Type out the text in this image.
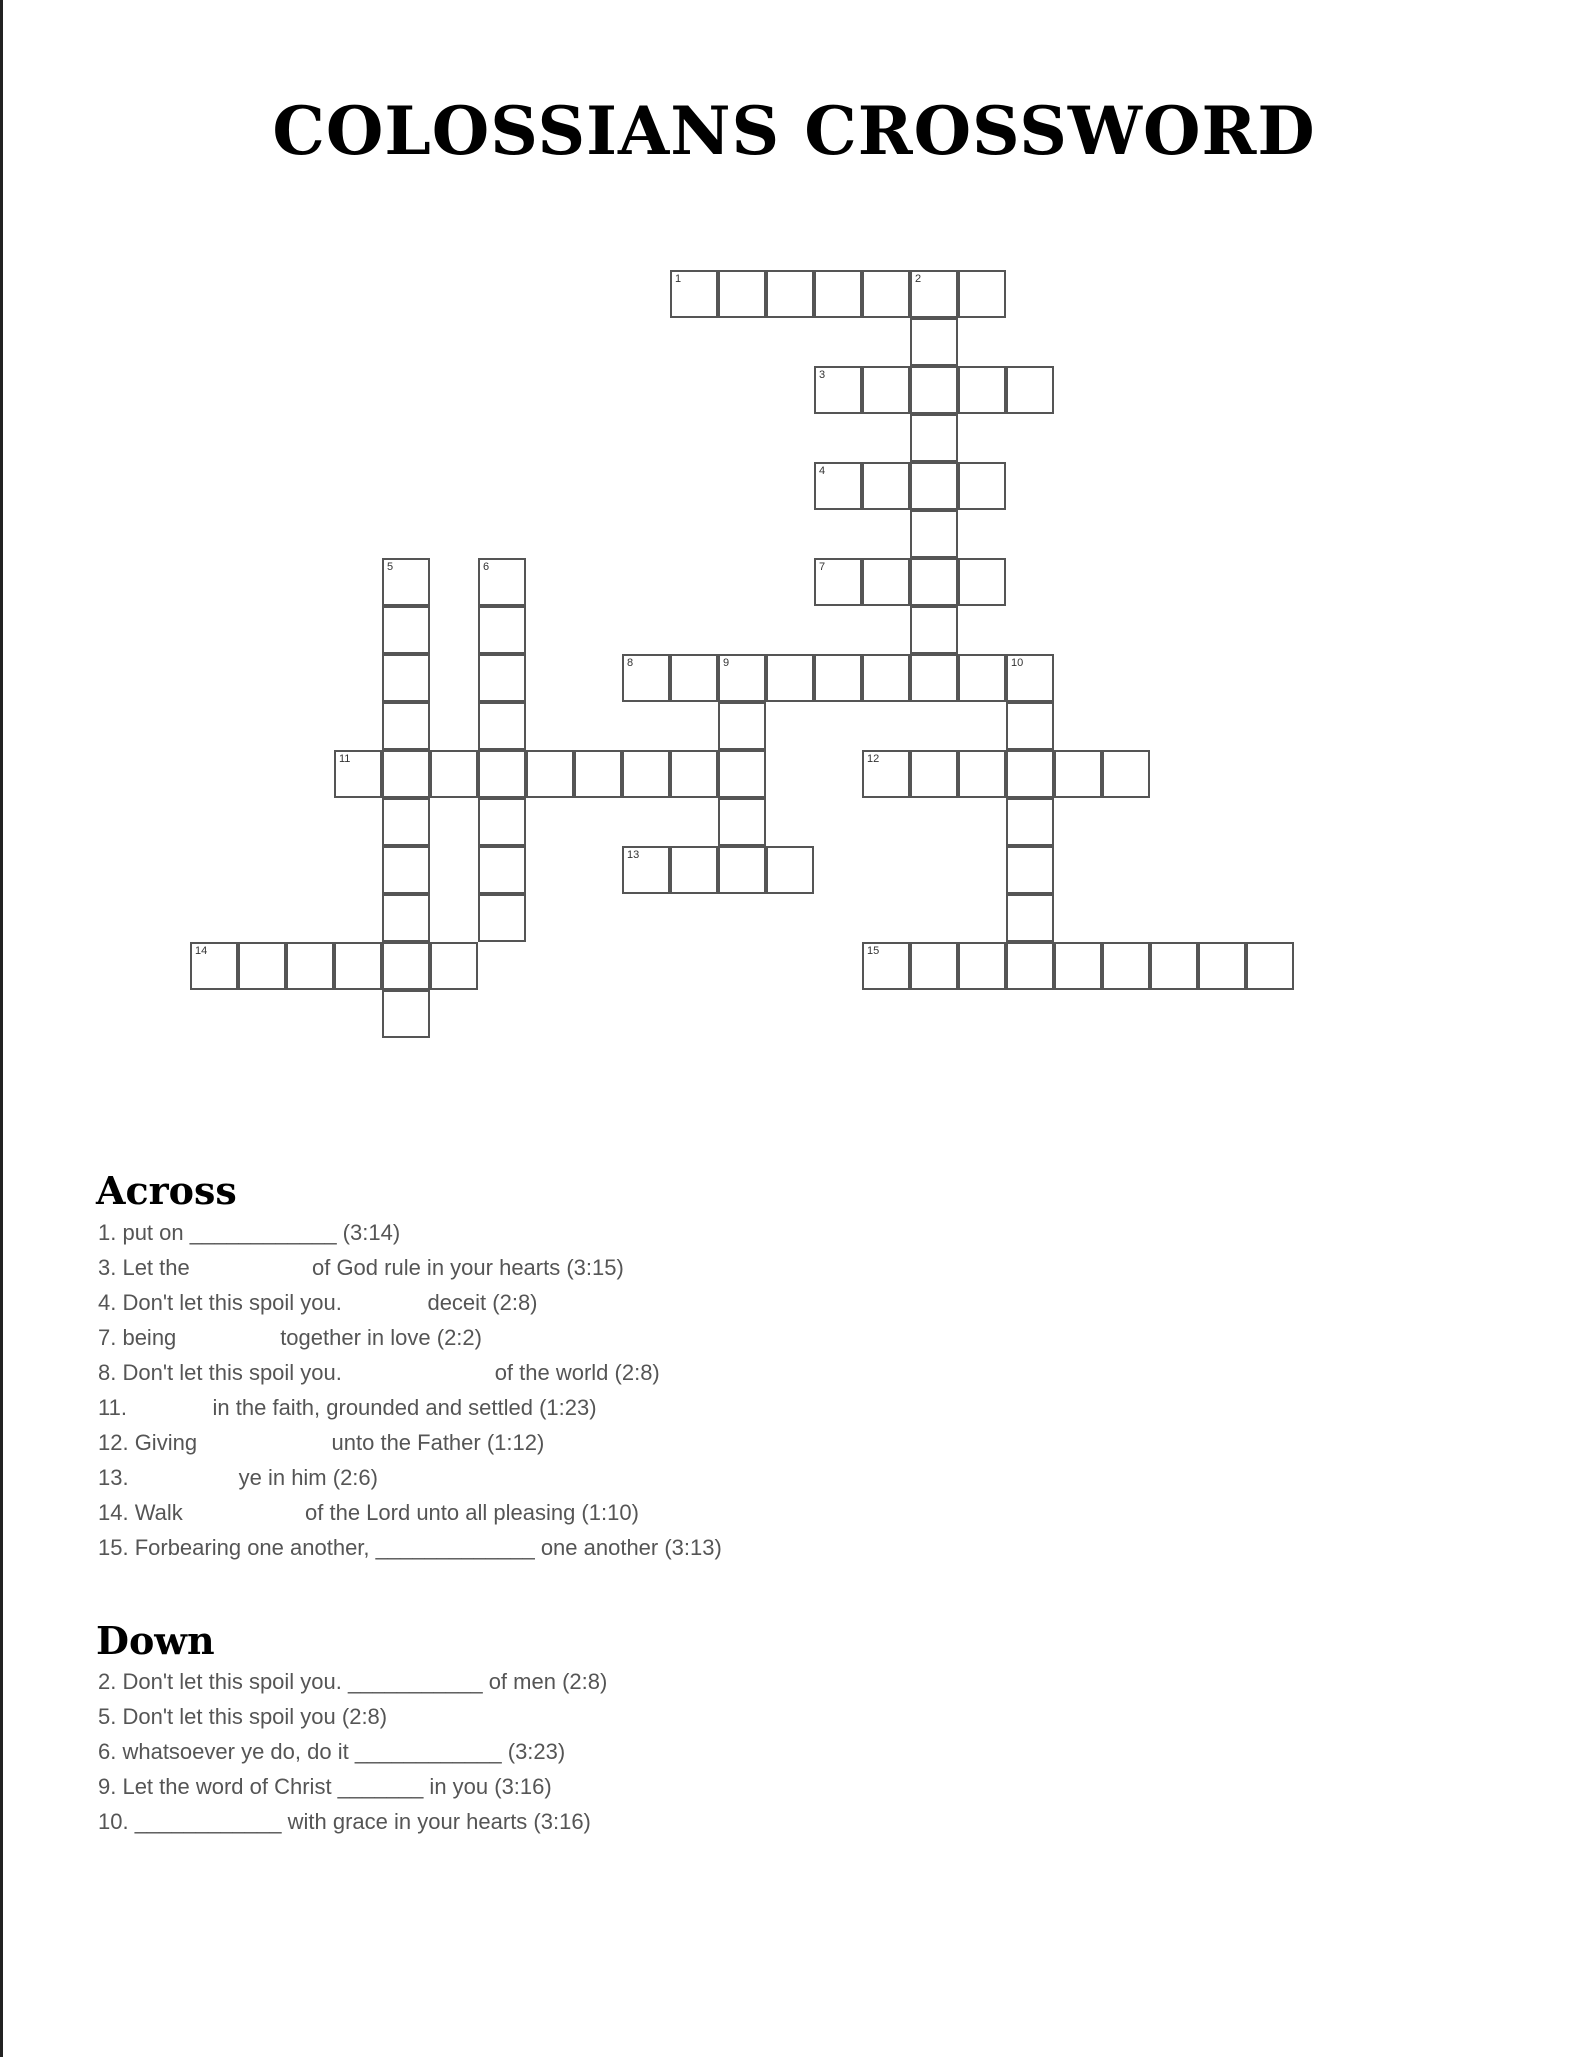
COLOSSIANS CROSSWORD
1	2
3
4
5	6	7
8	9	10
11	12
13
14	15
Across
1. put on ____________ (3:14)
3. Let the                    of God rule in your hearts (3:15)
4. Don't let this spoil you.              deceit (2:8)
7. being                 together in love (2:2)
8. Don't let this spoil you.                         of the world (2:8)
11.              in the faith, grounded and settled (1:23)
12. Giving                      unto the Father (1:12)
13.                  ye in him (2:6)
14. Walk                    of the Lord unto all pleasing (1:10)
15. Forbearing one another, _____________ one another (3:13)
Down
2. Don't let this spoil you. ___________ of men (2:8)
5. Don't let this spoil you (2:8)
6. whatsoever ye do, do it ____________ (3:23)
9. Let the word of Christ _______ in you (3:16)
10. ____________ with grace in your hearts (3:16)
